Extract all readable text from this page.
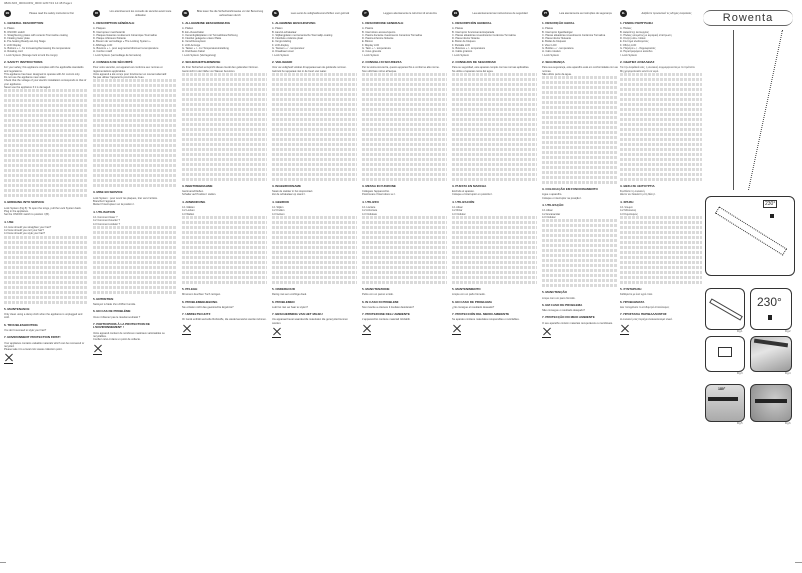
0829-SF6_0000-R4W_0000 12/07/13 14:48 Page1
EN	Please read the safety instructions first
1. GENERAL DESCRIPTION

A. Plates

B. ON/OFF switch

C. Straightening plates with ceramic Tourmaline coating

D. Floating lower plate

E. Pre-heating Ready-set-ting Stage

F. LCD Display

G. Buttons + / - for increasing/decreasing the temperature:

H. Rotating cord

I. Lock System (Storage lock to lock the tongs)

2. SAFETY INSTRUCTIONS

For your safety, this appliance complies with the applicable standards and regulations.

This appliance has been designed to operate with AC current only.

Do not use the appliance near water.

Check that the voltage of your electric installation corresponds to that of your appliance.

Never use the appliance if it is damaged.

3. BRINGING INTO SERVICE

Lock System (Fig.5): To open the tongs, pull the Lock System back.

Plug in the appliance.

Set the ON/OFF switch to position I (B).

4. USE

4.1 How should you straighten your hair?

4.2 How should you curl your hair?

4.3 How should you style your hair?

5. MAINTENANCE

Only clean using a damp cloth when the appliance is unplugged and cold.

6. TROUBLESHOOTING

You don't succeed to style your hair?

7. ENVIRONMENT PROTECTION FIRST!

Your appliance contains valuable materials which can be recovered or recycled.

Please take it to a local civic waste collection point.

FR
Lire attentivement les conseils de sécurité avant toute utilisation
1. DESCRIPTION GÉNÉRALE

A. Plaques

B. Interrupteur marche/arrêt

C. Plaques lissantes revêtement Céramique Tourmaline

D. Plaque inférieure flottante

E. Bouton de verrouillage « The Locking System »

F. Affichage LCD

G. Boutons + / - pour augmenter/diminuer la température

H. Cordon rotatif

I. Lock System (verrouillage de fermeture)

2. CONSEILS DE SÉCURITÉ

Pour votre sécurité, cet appareil est conforme aux normes et réglementations applicables.

Votre appareil a été conçu pour fonctionner en courant alternatif.

Ne pas utiliser l'appareil à proximité de l'eau.

3. MISE EN SERVICE

Lock System : pour ouvrir les plaques, tirer vers l'arrière.

Branchez l'appareil.

Mettez l'interrupteur sur la position I.

4. UTILISATION

4.1 Comment lisser ?

4.2 Comment boucler ?

4.3 Comment onduler ?

5. ENTRETIEN

Nettoyez à l'aide d'un chiffon humide.

6. EN CAS DE PROBLÈME

Vous n'obtenez pas le résultat souhaité ?

7. PARTICIPONS À LA PROTECTION DE L'ENVIRONNEMENT !

Votre appareil contient de nombreux matériaux valorisables ou recyclables.

Confiez celui-ci dans un point de collecte.

DE
Bitte lesen Sie die Sicherheitshinweise vor der Benutzung aufmerksam durch
1. ALLGEMEINE BESCHREIBUNG

A. Platten

B. Ein-/Ausschalter

C. Keramikglättplatten mit Turmalinbeschichtung

D. Flexibel gelagerte untere Platte

E. Verschlusssystem

F. LCD-Anzeige

G. Tasten + / - zur Temperatureinstellung

H. Drehbares Kabel

I. Lock System (Verriegelung)

2. SICHERHEITSHINWEISE

Zu Ihrer Sicherheit entspricht dieses Gerät den geltenden Normen.

Gerät nicht in der Nähe von Wasser benutzen.

3. INBETRIEBNAHME

Gerät anschließen.

Schalter auf Position I stellen.

4. ANWENDUNG

4.1 Glätten

4.2 Locken

4.3 Wellen

5. PFLEGE

Mit einem feuchten Tuch reinigen.

6. PROBLEMBEHEBUNG

Sie erzielen nicht das gewünschte Ergebnis?

7. UMWELTSCHUTZ

Ihr Gerät enthält wertvolle Rohstoffe, die wiederverwertet werden können.

NL	Lees eerst de veiligheidsvoorschriften voor gebruik
1. ALGEMENE BESCHRIJVING

A. Platen

B. Aan/uit-schakelaar

C. Stijltangplaten met keramische Toermalijn-coating

D. Flexibele onderste plaat

E. Vergrendeling

F. LCD-display

G. Toetsen + / - temperatuur

H. Draaibaar snoer

I. Lock System

2. VEILIGHEID

Voor uw veiligheid voldoet dit apparaat aan de geldende normen.

Gebruik het apparaat niet in de buurt van water.

3. INGEBRUIKNAME

Steek de stekker in het stopcontact.

Zet de schakelaar op stand I.

4. GEBRUIK

4.1 Stijlen

4.2 Krullen

4.3 Golven

5. ONDERHOUD

Reinig met een vochtige doek.

6. PROBLEMEN

Lukt het niet uw haar te stylen?

7. BESCHERMING VAN HET MILIEU

Uw apparaat bevat waardevolle materialen die gerecycled kunnen worden.

IT	Leggere attentamente le istruzioni di sicurezza
1. DESCRIZIONE GENERALE

A. Piastre

B. Interruttore acceso/spento

C. Piastre lisciante rivestimento Ceramica Tormalina

D. Piastra inferiore flottante

E. Blocco

F. Display LCD

G. Tasti + / - temperatura

H. Cavo girevole

I. Lock System

2. CONSIGLI DI SICUREZZA

Per la vostra sicurezza, questo apparecchio è conforme alle norme.

Non utilizzare vicino all'acqua.

3. MESSA IN FUNZIONE

Collegare l'apparecchio.

Posizionare l'interruttore su I.

4. UTILIZZO

4.1 Lisciare

4.2 Arricciare

4.3 Ondulare

5. MANUTENZIONE

Pulire con un panno umido.

6. IN CASO DI PROBLEMI

Non riuscite a ottenere il risultato desiderato?

7. PROTEZIONE DELL'AMBIENTE

L'apparecchio contiene materiali riciclabili.

ES	Lea atentamente las instrucciones de seguridad
1. DESCRIPCIÓN GENERAL

A. Placas

B. Interruptor funcionamiento/parada

C. Placas alisadoras revestimiento Cerámica Turmalina

D. Placa inferior flotante

E. Botón de bloqueo

F. Pantalla LCD

G. Botones + / - temperatura

H. Cable giratorio

I. Lock System

2. CONSEJOS DE SEGURIDAD

Para su seguridad, este aparato cumple con las normas aplicables.

No utilice el aparato cerca del agua.

3. PUESTA EN MARCHA

Enchufe el aparato.

Coloque el interruptor en posición I.

4. UTILIZACIÓN

4.1 Alisar

4.2 Rizar

4.3 Ondular

5. MANTENIMIENTO

Limpie con un paño húmedo.

6. EN CASO DE PROBLEMA

¿No consigue el resultado deseado?

7. PROTECCIÓN DEL MEDIO AMBIENTE

Su aparato contiene materiales recuperables o reciclables.

PT	Leia atentamente as instruções de segurança
1. DESCRIÇÃO GERAL

A. Placas

B. Interruptor ligar/desligar

C. Placas alisadoras revestimento Cerâmica Turmalina

D. Placa inferior flutuante

E. Botão de bloqueio

F. Visor LCD

G. Botões + / - temperatura

H. Cabo rotativo

I. Lock System

2. SEGURANÇA

Para sua segurança, este aparelho está em conformidade com as normas.

Não utilize perto da água.

3. COLOCAÇÃO EM FUNCIONAMENTO

Ligue o aparelho.

Coloque o interruptor na posição I.

4. UTILIZAÇÃO

4.1 Alisar

4.2 Encaracolar

4.3 Ondular

5. MANUTENÇÃO

Limpe com um pano húmido.

6. EM CASO DE PROBLEMA

Não consegue o resultado desejado?

7. PROTECÇÃO DO MEIO AMBIENTE

O seu aparelho contém materiais recuperáveis ou recicláveis.

EL	Διαβάστε προσεκτικά τις οδηγίες ασφαλείας
1. ΓΕΝΙΚΗ ΠΕΡΙΓΡΑΦΗ

A. Πλάκες

B. Διακόπτης λειτουργίας

C. Πλάκες ισιώματος με κεραμική επίστρωση

D. Κινητή κάτω πλάκα

E. Σύστημα κλειδώματος

F. Οθόνη LCD

G. Πλήκτρα + / - θερμοκρασίας

H. Περιστρεφόμενο καλώδιο

I. Lock System

2. ΟΔΗΓΙΕΣ ΑΣΦΑΛΕΙΑΣ

Για την ασφάλειά σας, η συσκευή συμμορφώνεται με τα πρότυπα.

Μη χρησιμοποιείτε κοντά σε νερό.

3. ΘΕΣΗ ΣΕ ΛΕΙΤΟΥΡΓΙΑ

Συνδέστε τη συσκευή.

Θέστε τον διακόπτη στη θέση I.

4. ΧΡΗΣΗ

4.1 Ίσιωμα

4.2 Μπούκλες

4.3 Κυματισμός

5. ΣΥΝΤΗΡΗΣΗ

Καθαρίστε με ένα υγρό πανί.

6. ΠΡΟΒΛΗΜΑΤΑ

Δεν πετυχαίνετε το επιθυμητό αποτέλεσμα;

7. ΠΡΟΣΤΑΣΙΑ ΠΕΡΙΒΑΛΛΟΝΤΟΣ

Η συσκευή σας περιέχει ανακυκλώσιμα υλικά.

Rowenta
230°
Fig.1
230°
Fig.2
Fig.3	Fig.4
180°
Fig.5	Fig.6
